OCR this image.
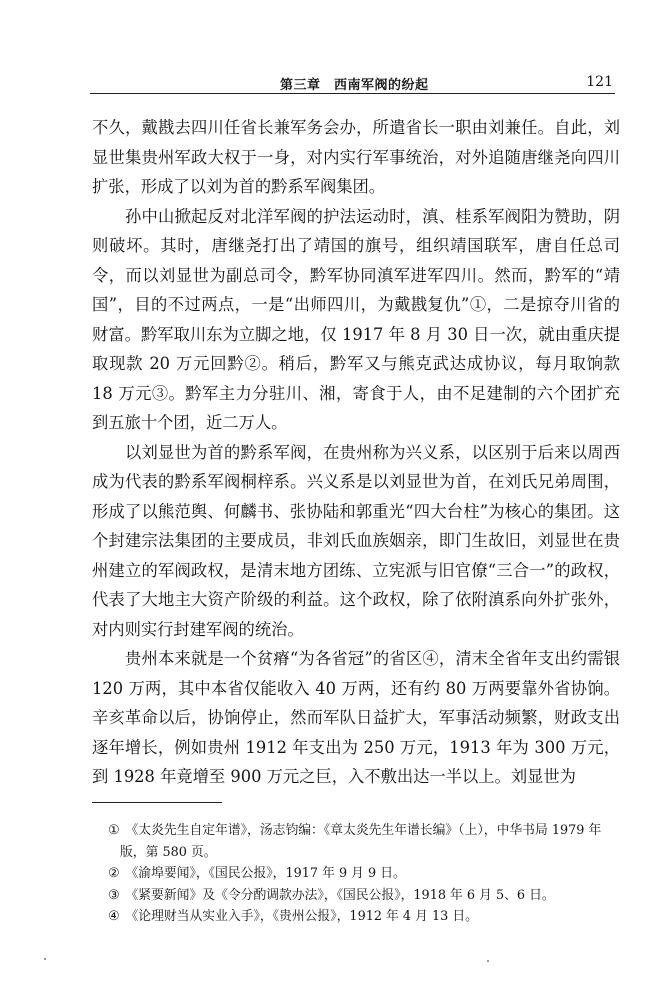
第三章　西南军阀的纷起	121

不久，戴戡去四川任省长兼军务会办，所遣省长一职由刘兼任。自此，刘显世集贵州军政大权于一身，对内实行军事统治，对外追随唐继尧向四川扩张，形成了以刘为首的黔系军阀集团。

孙中山掀起反对北洋军阀的护法运动时，滇、桂系军阀阳为赞助，阴则破坏。其时，唐继尧打出了靖国的旗号，组织靖国联军，唐自任总司令，而以刘显世为副总司令，黔军协同滇军进军四川。然而，黔军的“靖国”，目的不过两点，一是“出师四川，为戴戡复仇”①，二是掠夺川省的财富。黔军取川东为立脚之地，仅 1917 年 8 月 30 日一次，就由重庆提取现款 20 万元回黔②。稍后，黔军又与熊克武达成协议，每月取饷款 18 万元③。黔军主力分驻川、湘，寄食于人，由不足建制的六个团扩充到五旅十个团，近二万人。

以刘显世为首的黔系军阀，在贵州称为兴义系，以区别于后来以周西成为代表的黔系军阀桐梓系。兴义系是以刘显世为首，在刘氏兄弟周围，形成了以熊范舆、何麟书、张协陆和郭重光“四大台柱”为核心的集团。这个封建宗法集团的主要成员，非刘氏血族姻亲，即门生故旧，刘显世在贵州建立的军阀政权，是清末地方团练、立宪派与旧官僚“三合一”的政权，代表了大地主大资产阶级的利益。这个政权，除了依附滇系向外扩张外，对内则实行封建军阀的统治。

贵州本来就是一个贫瘠“为各省冠”的省区④，清末全省年支出约需银 120 万两，其中本省仅能收入 40 万两，还有约 80 万两要靠外省协饷。辛亥革命以后，协饷停止，然而军队日益扩大，军事活动频繁，财政支出逐年增长，例如贵州 1912 年支出为 250 万元，1913 年为 300 万元，到 1928 年竟增至 900 万元之巨，入不敷出达一半以上。刘显世为

① 《太炎先生自定年谱》，汤志钧编：《章太炎先生年谱长编》（上），中华书局 1979 年版，第 580 页。

② 《渝埠要闻》，《国民公报》，1917 年 9 月 9 日。

③ 《紧要新闻》及《令分酌调款办法》，《国民公报》，1918 年 6 月 5、6 日。

④ 《论理财当从实业入手》，《贵州公报》，1912 年 4 月 13 日。
